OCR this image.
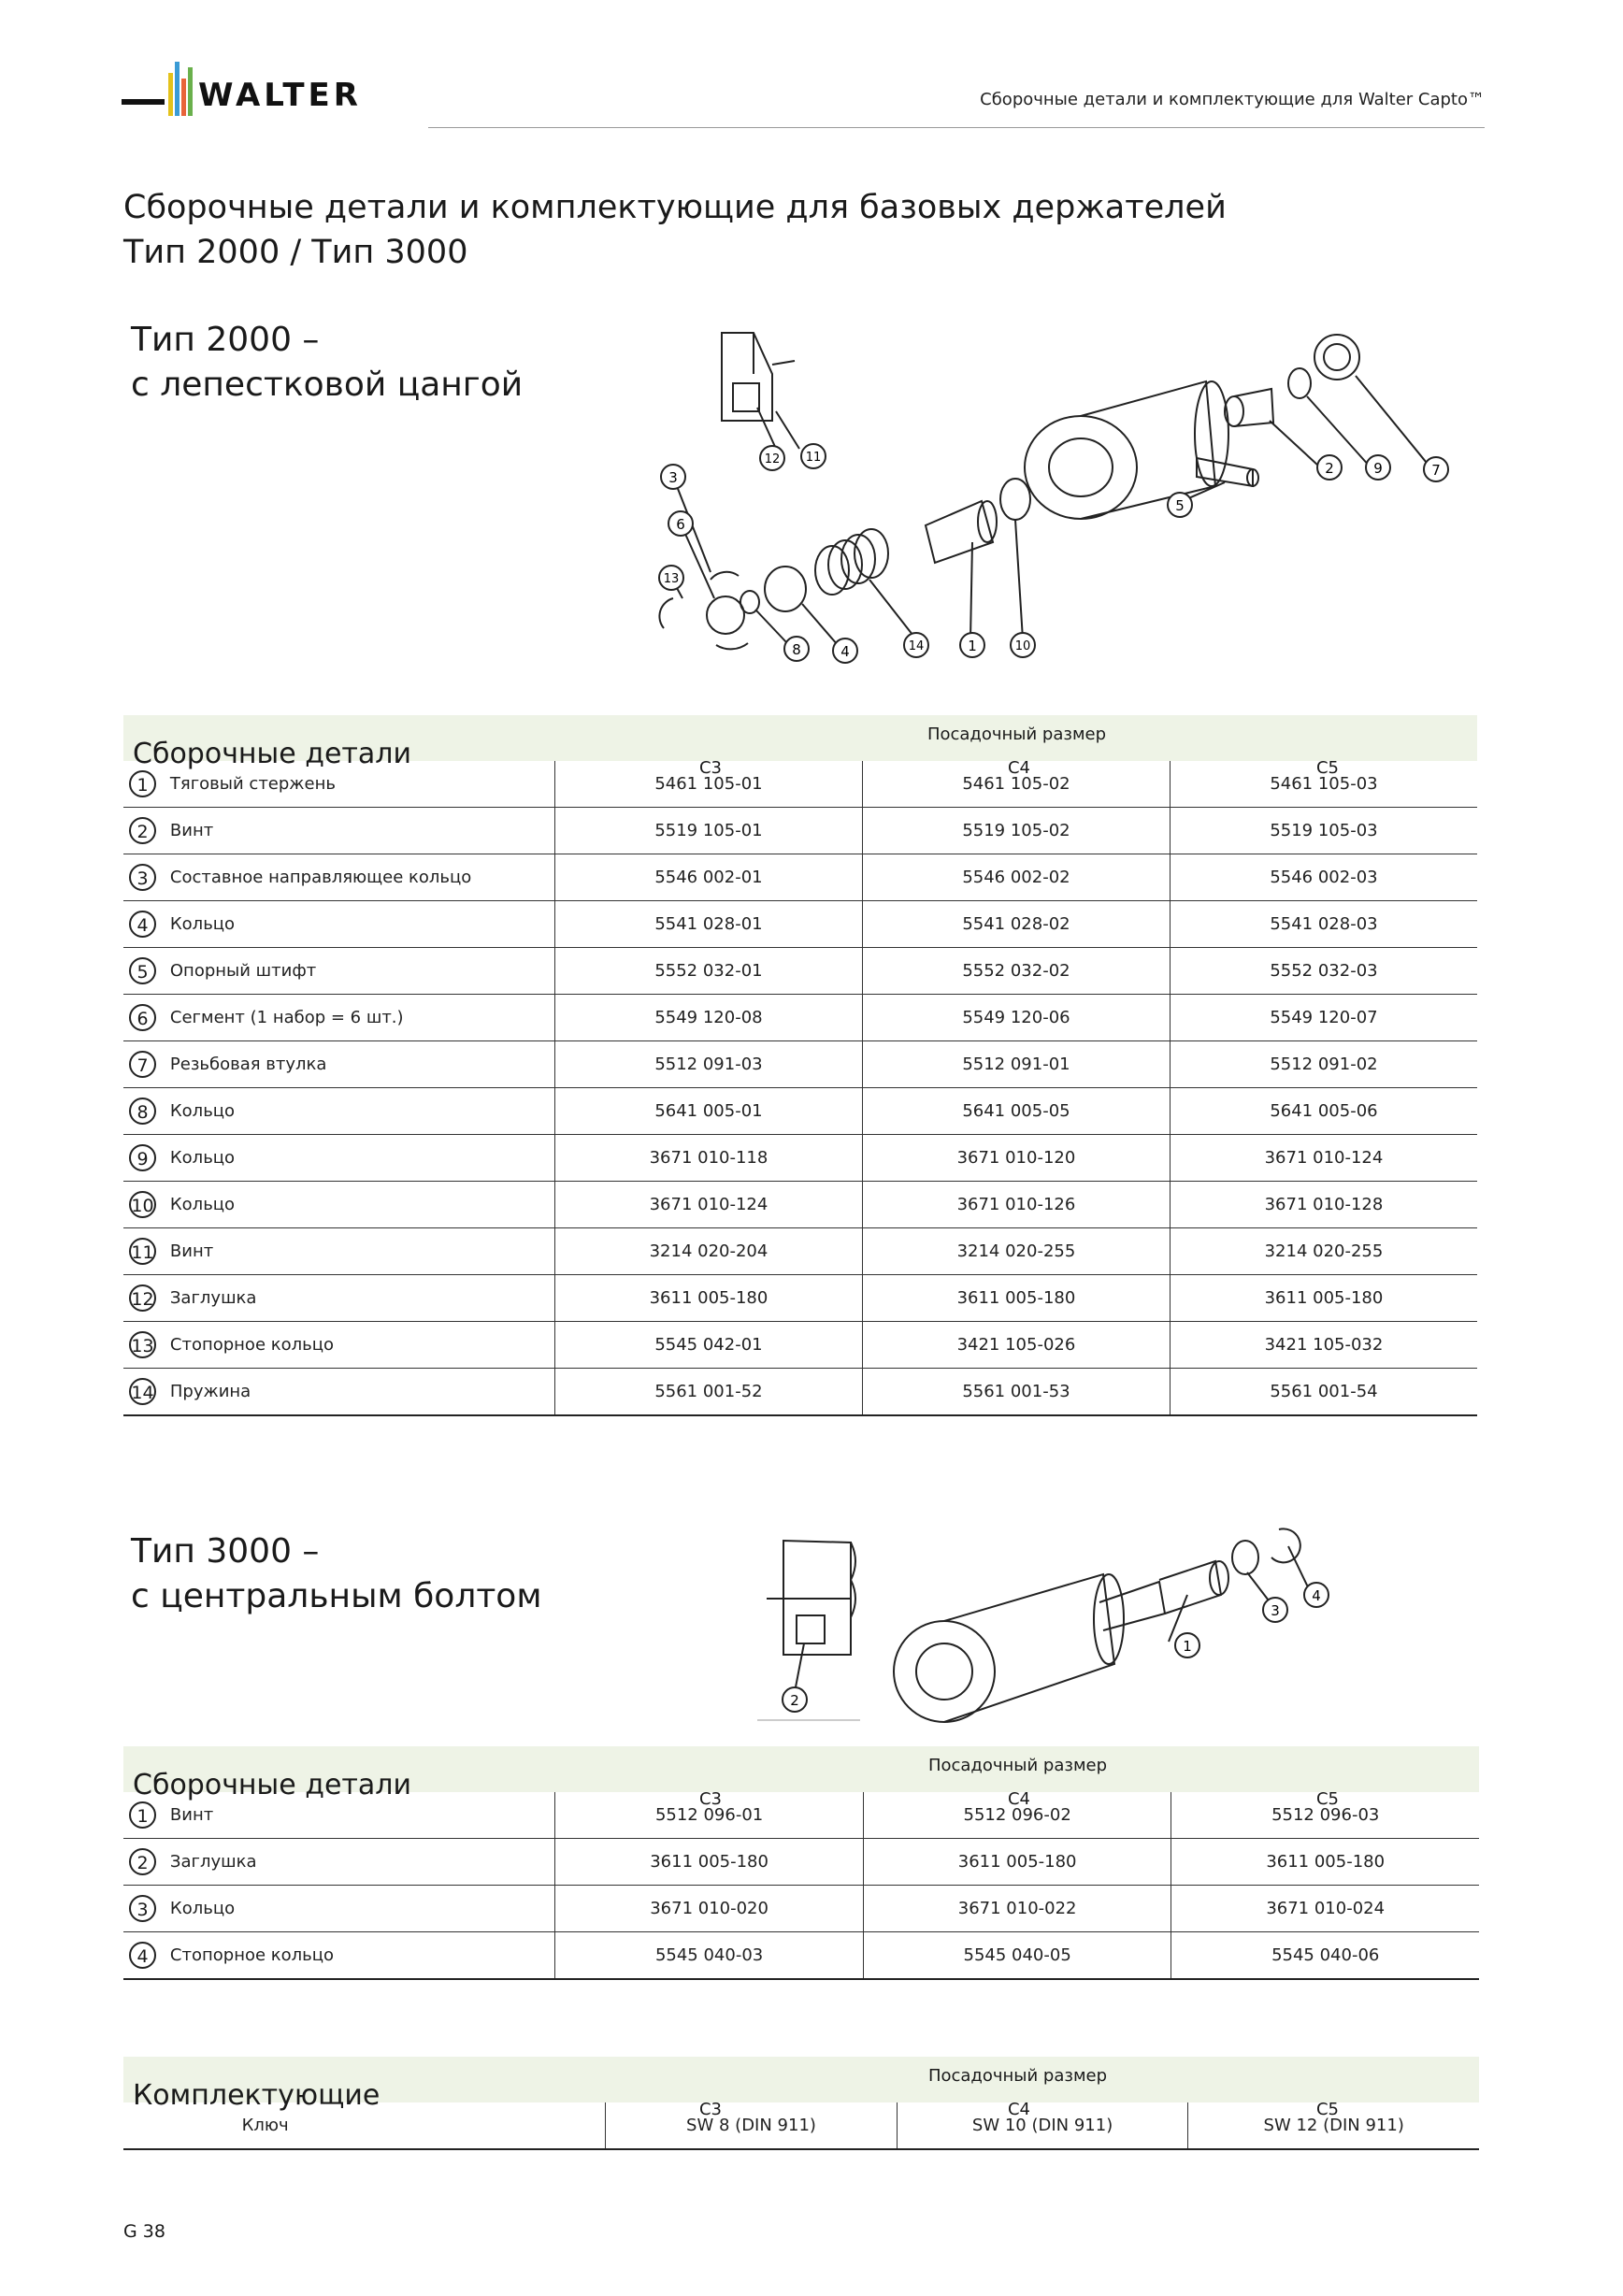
WALTER	Сборочные детали и комплектующие для Walter Capto™
Сборочные детали и комплектующие для базовых держателей
Тип 2000 / Тип 3000
Тип 2000 –
с лепестковой цангой
3
6
13
12 11
8	4	14	1	10
2	9	7
5
Сборочные детали
Посадочный размер
C3 C4 C5				

1	Тяговый стержень	5461 105-01	5461 105-02	5461 105-03
2	Винт	5519 105-01	5519 105-02	5519 105-03
3	Составное направляющее кольцо	5546 002-01	5546 002-02	5546 002-03
4	Кольцо	5541 028-01	5541 028-02	5541 028-03
5	Опорный штифт	5552 032-01	5552 032-02	5552 032-03
6	Сегмент (1 набор = 6 шт.)	5549 120-08	5549 120-06	5549 120-07
7	Резьбовая втулка	5512 091-03	5512 091-01	5512 091-02
8	Кольцо	5641 005-01	5641 005-05	5641 005-06
9	Кольцо	3671 010-118	3671 010-120	3671 010-124
10	Кольцо	3671 010-124	3671 010-126	3671 010-128
11	Винт	3214 020-204	3214 020-255	3214 020-255
12	Заглушка	3611 005-180	3611 005-180	3611 005-180
13	Стопорное кольцо	5545 042-01	3421 105-026	3421 105-032
14	Пружина	5561 001-52	5561 001-53	5561 001-54
Тип 3000 –
с центральным болтом
2
1
3
4
Сборочные детали
Посадочный размер
C3 C4 C5				

1	Винт	5512 096-01	5512 096-02	5512 096-03
2	Заглушка	3611 005-180	3611 005-180	3611 005-180
3	Кольцо	3671 010-020	3671 010-022	3671 010-024
4	Стопорное кольцо	5545 040-03	5545 040-05	5545 040-06
Комплектующие
Посадочный размер
C3	C4	C5

	Ключ	SW 8 (DIN 911)	SW 10 (DIN 911)	SW 12 (DIN 911)
G 38
